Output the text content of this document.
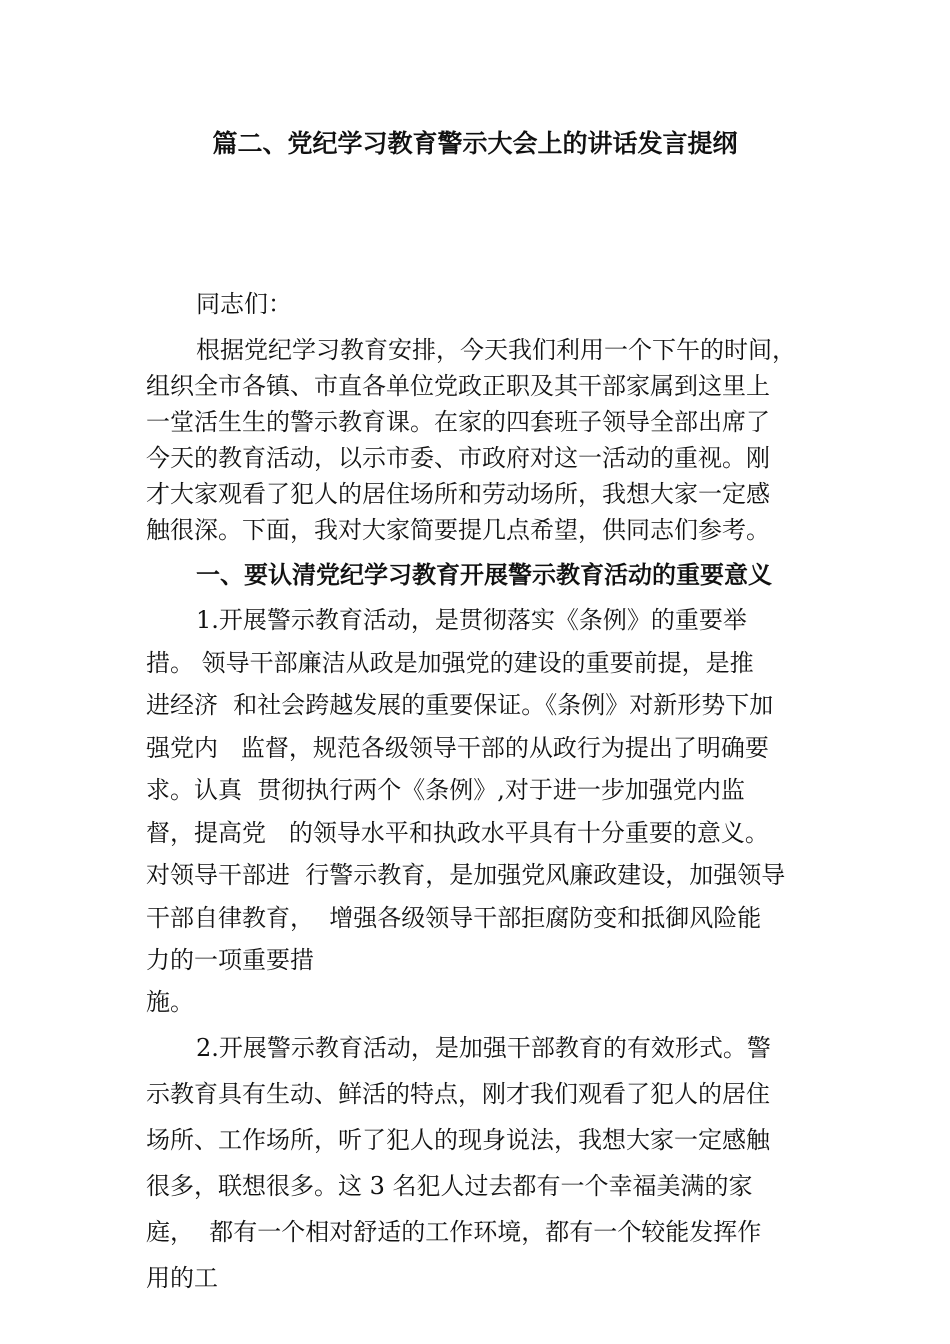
篇二、党纪学习教育警示大会上的讲话发言提纲
同志们：
根据党纪学习教育安排，今天我们利用一个下午的时间，
组织全市各镇、市直各单位党政正职及其干部家属到这里上
一堂活生生的警示教育课。在家的四套班子领导全部出席了
今天的教育活动，以示市委、市政府对这一活动的重视。刚
才大家观看了犯人的居住场所和劳动场所，我想大家一定感
触很深。下面，我对大家简要提几点希望，供同志们参考。
一、要认清党纪学习教育开展警示教育活动的重要意义
1.开展警示教育活动，是贯彻落实《条例》的重要举
措。 领导干部廉洁从政是加强党的建设的重要前提，是推
进经济  和社会跨越发展的重要保证。《条例》对新形势下加
强党内   监督，规范各级领导干部的从政行为提出了明确要
求。认真  贯彻执行两个《条例》,对于进一步加强党内监
督，提高党   的领导水平和执政水平具有十分重要的意义。
对领导干部进  行警示教育，是加强党风廉政建设，加强领导
干部自律教育，  增强各级领导干部拒腐防变和抵御风险能
力的一项重要措
施。
2.开展警示教育活动，是加强干部教育的有效形式。警
示教育具有生动、鲜活的特点，刚才我们观看了犯人的居住
场所、工作场所，听了犯人的现身说法，我想大家一定感触
很多，联想很多。这 3 名犯人过去都有一个幸福美满的家
庭，  都有一个相对舒适的工作环境，都有一个较能发挥作
用的工
